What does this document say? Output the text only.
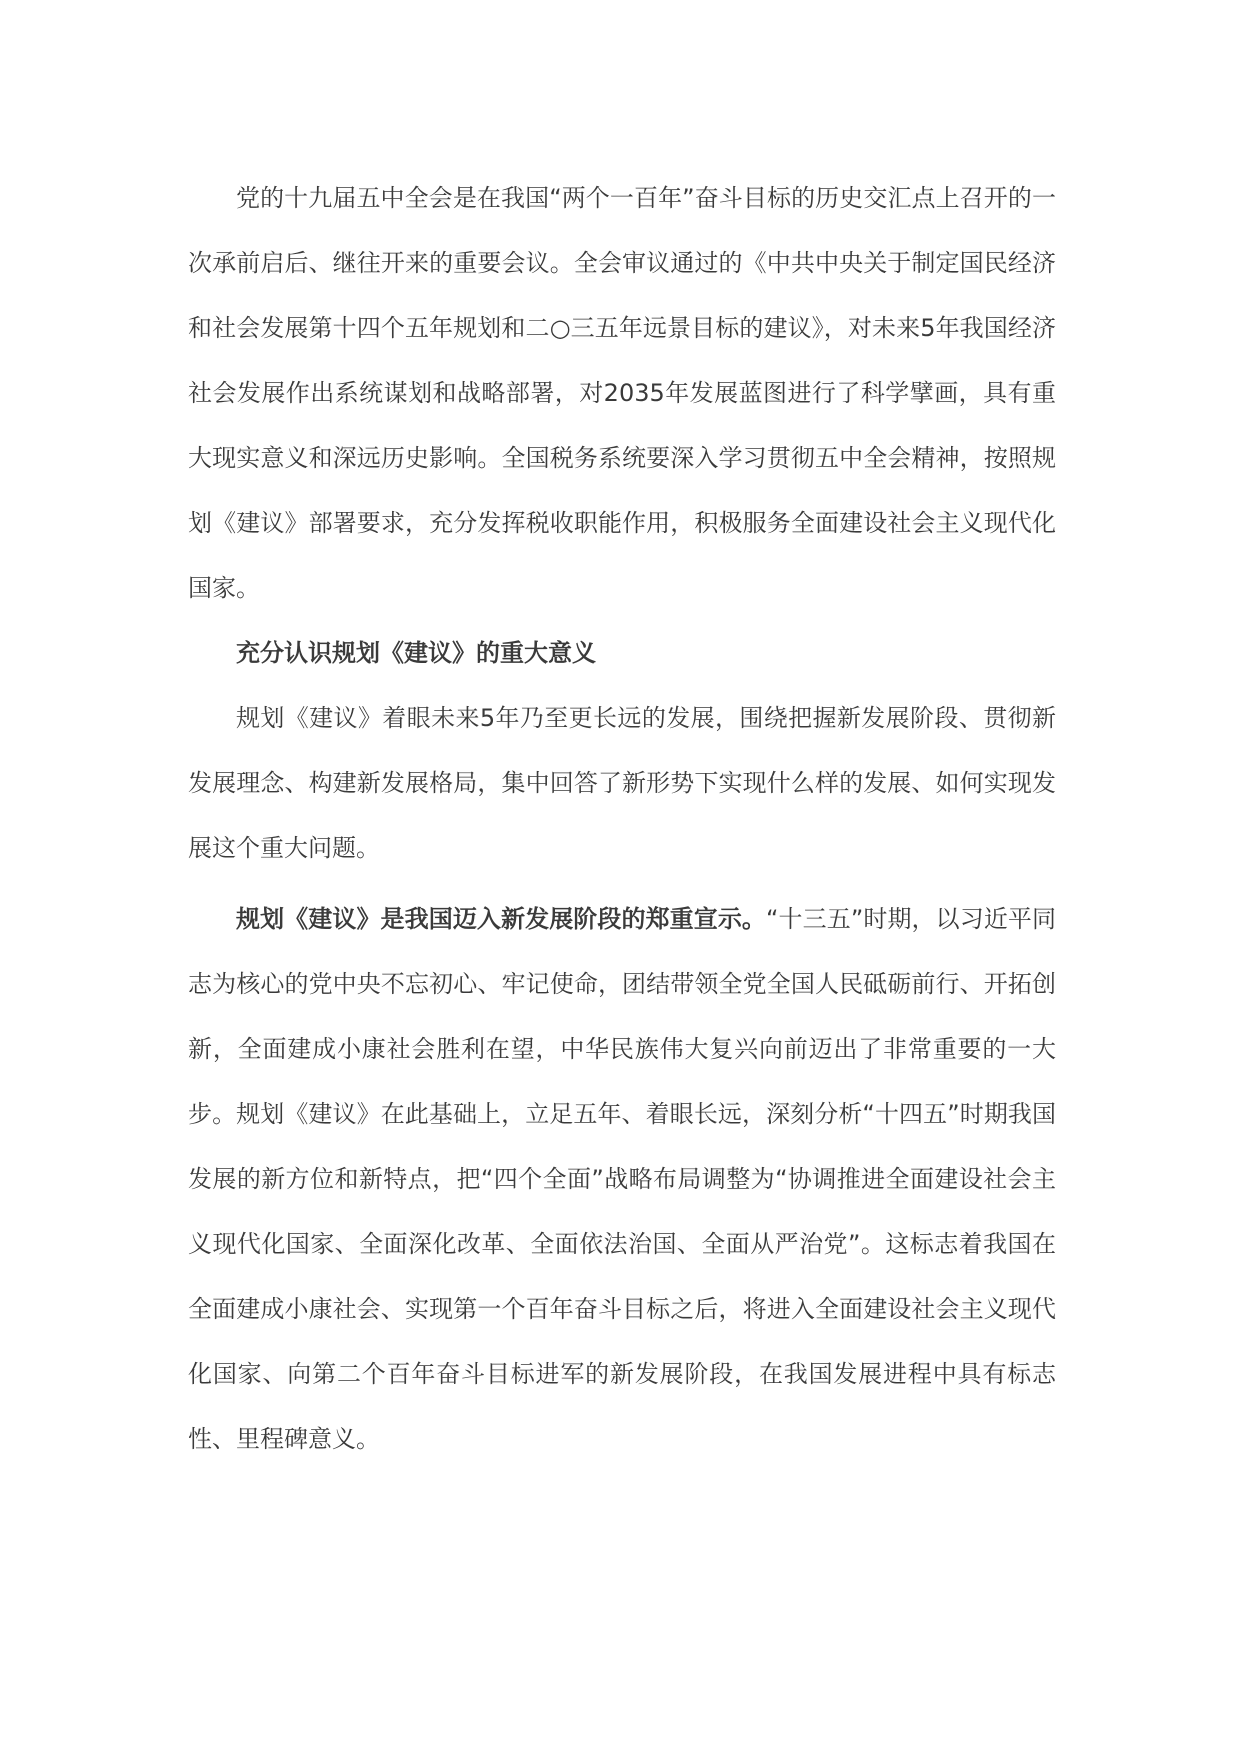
党的十九届五中全会是在我国“两个一百年”奋斗目标的历史交汇点上召开的一次承前启后、继往开来的重要会议。全会审议通过的《中共中央关于制定国民经济和社会发展第十四个五年规划和二○三五年远景目标的建议》，对未来5年我国经济社会发展作出系统谋划和战略部署，对2035年发展蓝图进行了科学擘画，具有重大现实意义和深远历史影响。全国税务系统要深入学习贯彻五中全会精神，按照规划《建议》部署要求，充分发挥税收职能作用，积极服务全面建设社会主义现代化国家。

充分认识规划《建议》的重大意义

规划《建议》着眼未来5年乃至更长远的发展，围绕把握新发展阶段、贯彻新发展理念、构建新发展格局，集中回答了新形势下实现什么样的发展、如何实现发展这个重大问题。

规划《建议》是我国迈入新发展阶段的郑重宣示。“十三五”时期，以习近平同志为核心的党中央不忘初心、牢记使命，团结带领全党全国人民砥砺前行、开拓创新，全面建成小康社会胜利在望，中华民族伟大复兴向前迈出了非常重要的一大步。规划《建议》在此基础上，立足五年、着眼长远，深刻分析“十四五”时期我国发展的新方位和新特点，把“四个全面”战略布局调整为“协调推进全面建设社会主义现代化国家、全面深化改革、全面依法治国、全面从严治党”。这标志着我国在全面建成小康社会、实现第一个百年奋斗目标之后，将进入全面建设社会主义现代化国家、向第二个百年奋斗目标进军的新发展阶段，在我国发展进程中具有标志性、里程碑意义。
